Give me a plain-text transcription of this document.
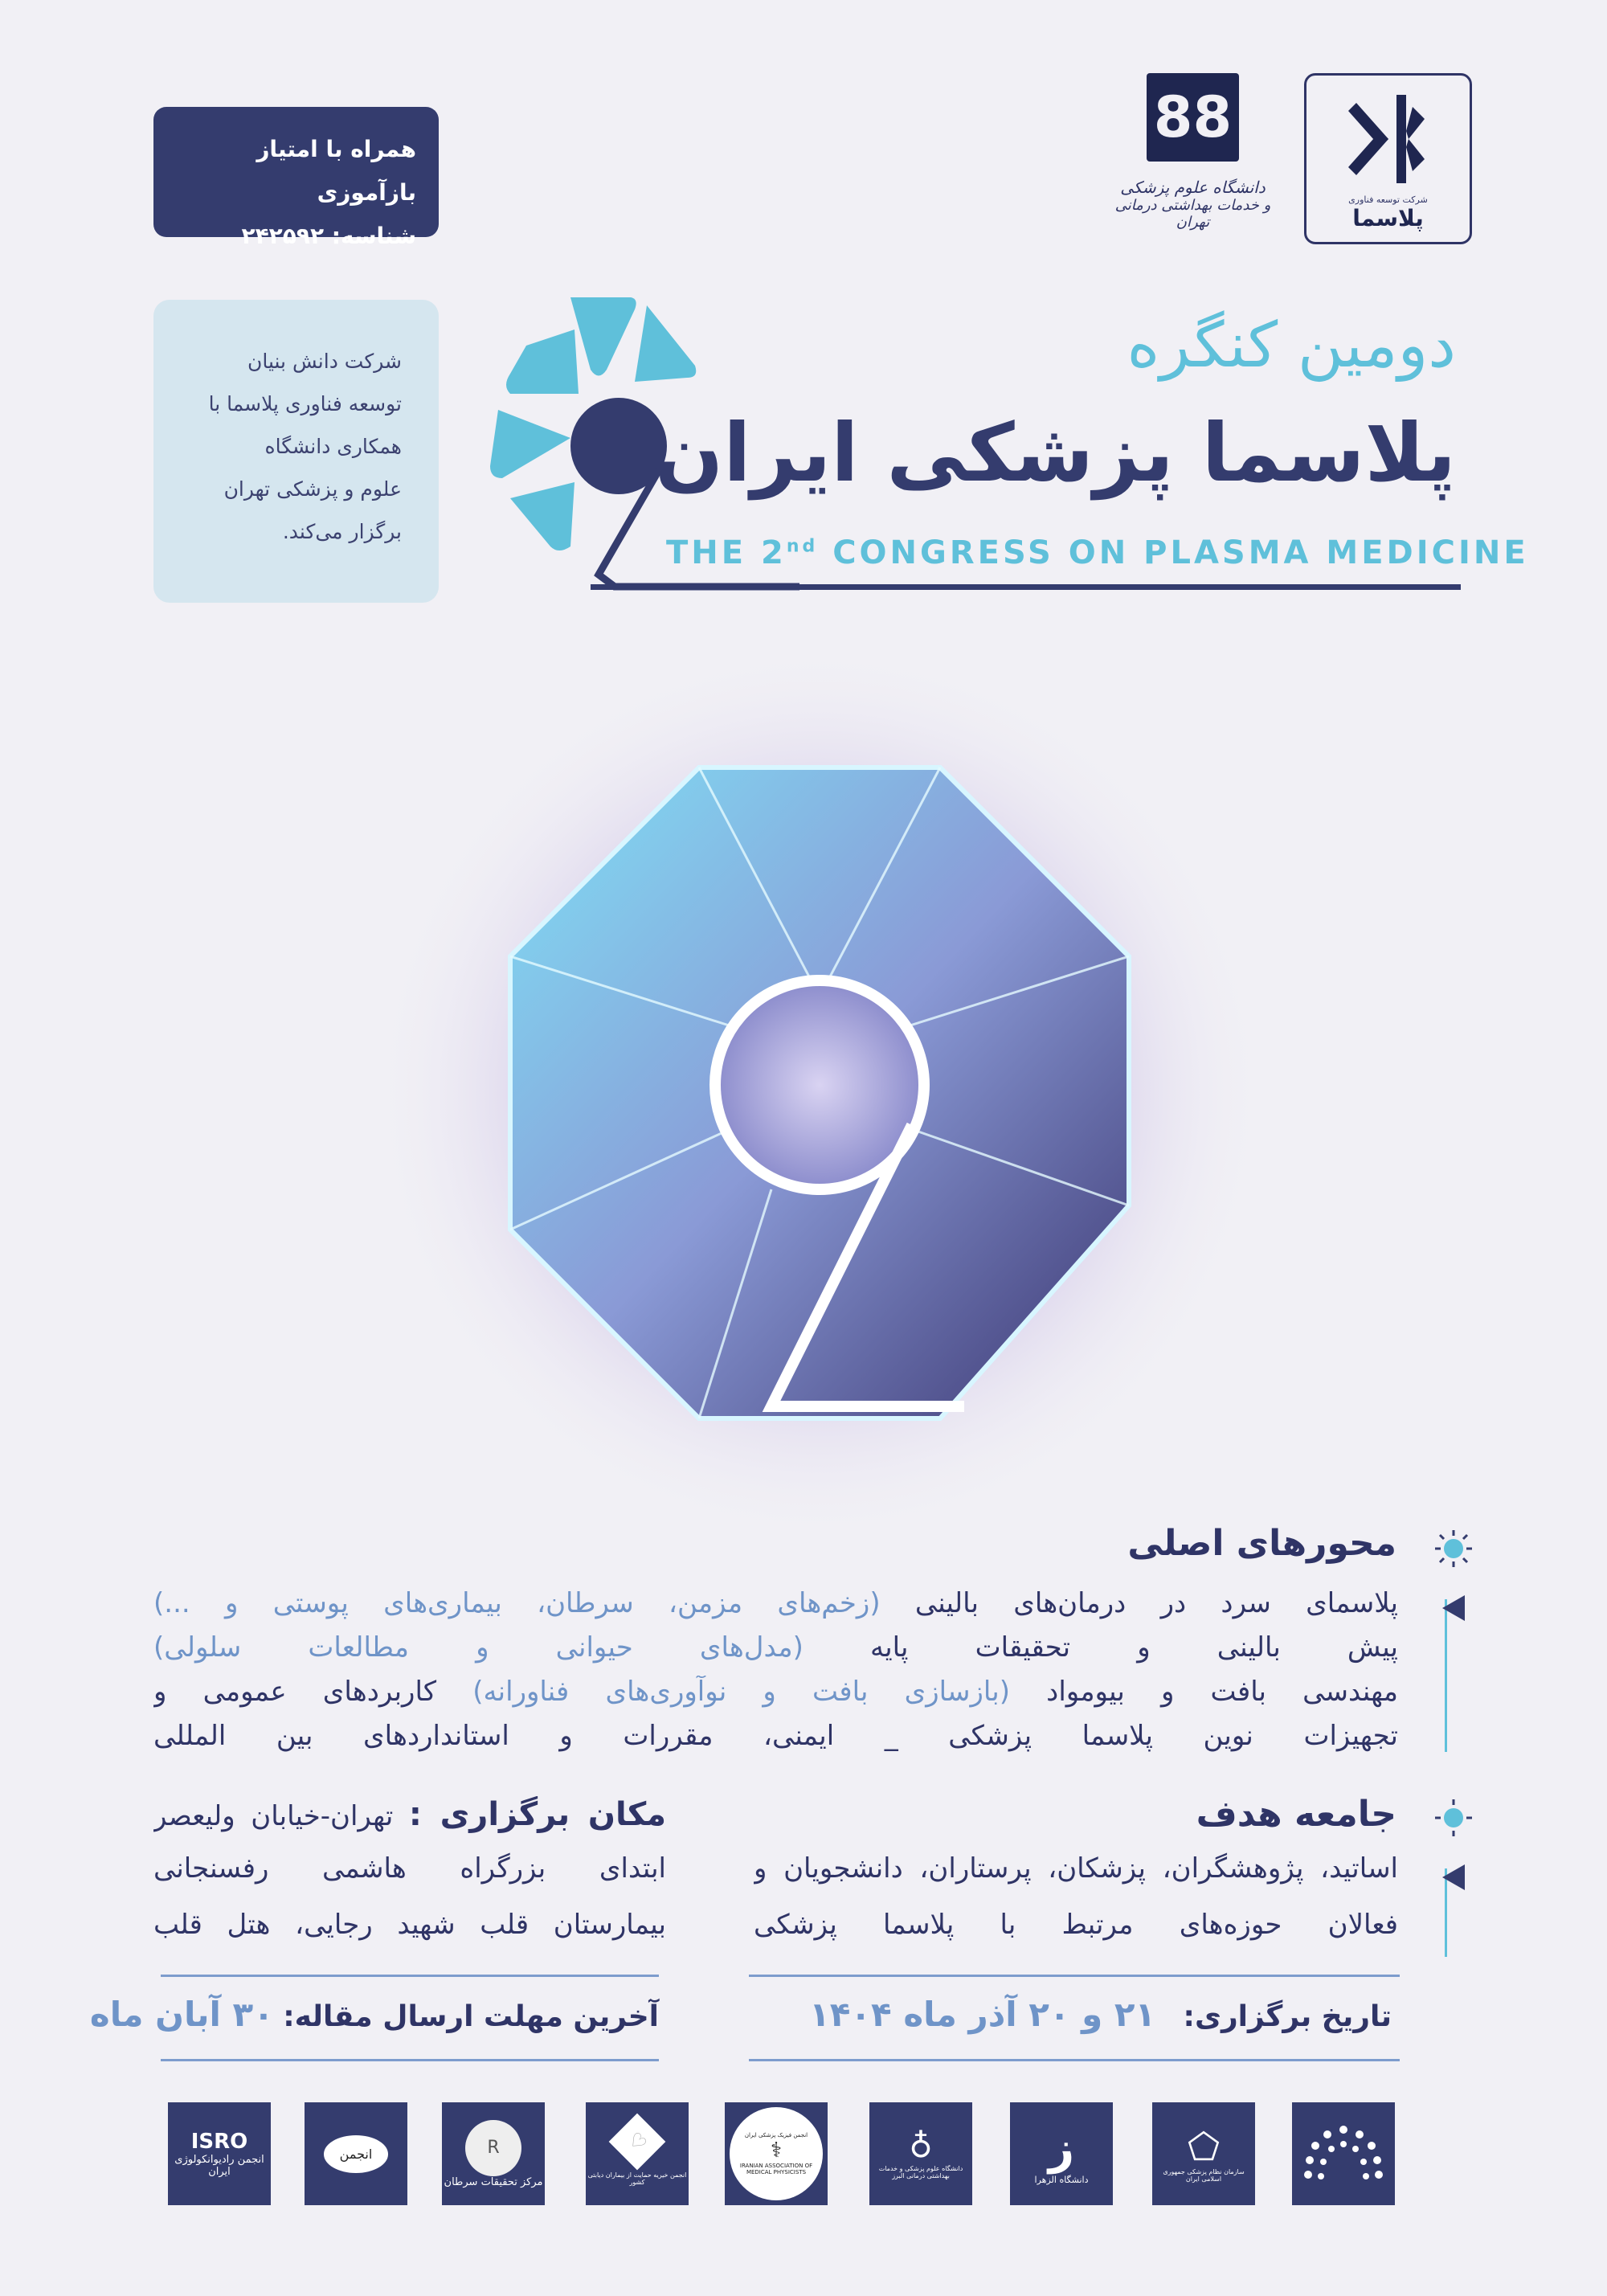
همراه با امتیاز بازآموزی
شناسه: ۲۴۲۵۹۲
شرکت دانش بنیان
توسعه فناوری پلاسما با
همکاری دانشگاه
علوم و پزشکی تهران
برگزار می‌کند.
شرکت توسعه فناوری
پلاسما
88
دانشگاه علوم پزشکی
و خدمات بهداشتی درمانی تهران
دومین کنگره
پلاسما پزشکی ایران
THE 2nd CONGRESS ON PLASMA MEDICINE
محورهای اصلی
پلاسمای سرد در درمان‌های بالینی (زخم‌های مزمن، سرطان، بیماری‌های پوستی و ...)
پیش بالینی و تحقیقات پایه (مدل‌های حیوانی و مطالعات سلولی)
مهندسی بافت و بیومواد (بازسازی بافت و نوآوری‌های فناورانه) کاربردهای عمومی و
تجهیزات نوین پلاسما پزشکی _ ایمنی، مقررات و استانداردهای بین المللی
جامعه هدف
اساتید، پژوهشگران، پزشکان، پرستاران، دانشجویان و
فعالان حوزه‌های مرتبط با پلاسما پزشکی
مکان برگزاری : تهران-خیابان ولیعصر
ابتدای بزرگراه هاشمی رفسنجانی
بیمارستان قلب شهید رجایی، هتل قلب
آخرین مهلت ارسال مقاله: ۳۰ آبان ماه	تاریخ برگزاری:   ۲۱ و ۲۰ آذر ماه ۱۴۰۴
ISRO
انجمن رادیوانکولوژی ایران
انجمن	R
مرکز تحقیقات سرطان
♡
انجمن خیریه حمایت از بیماران دیابتی کشور
انجمن فیزیک پزشکی ایران
⚕
IRANIAN ASSOCIATION OF MEDICAL PHYSICISTS
♁
دانشگاه علوم پزشکی و خدمات بهداشتی درمانی البرز
ز
دانشگاه الزهرا
⬠
سازمان نظام پزشکی جمهوری اسلامی ایران
